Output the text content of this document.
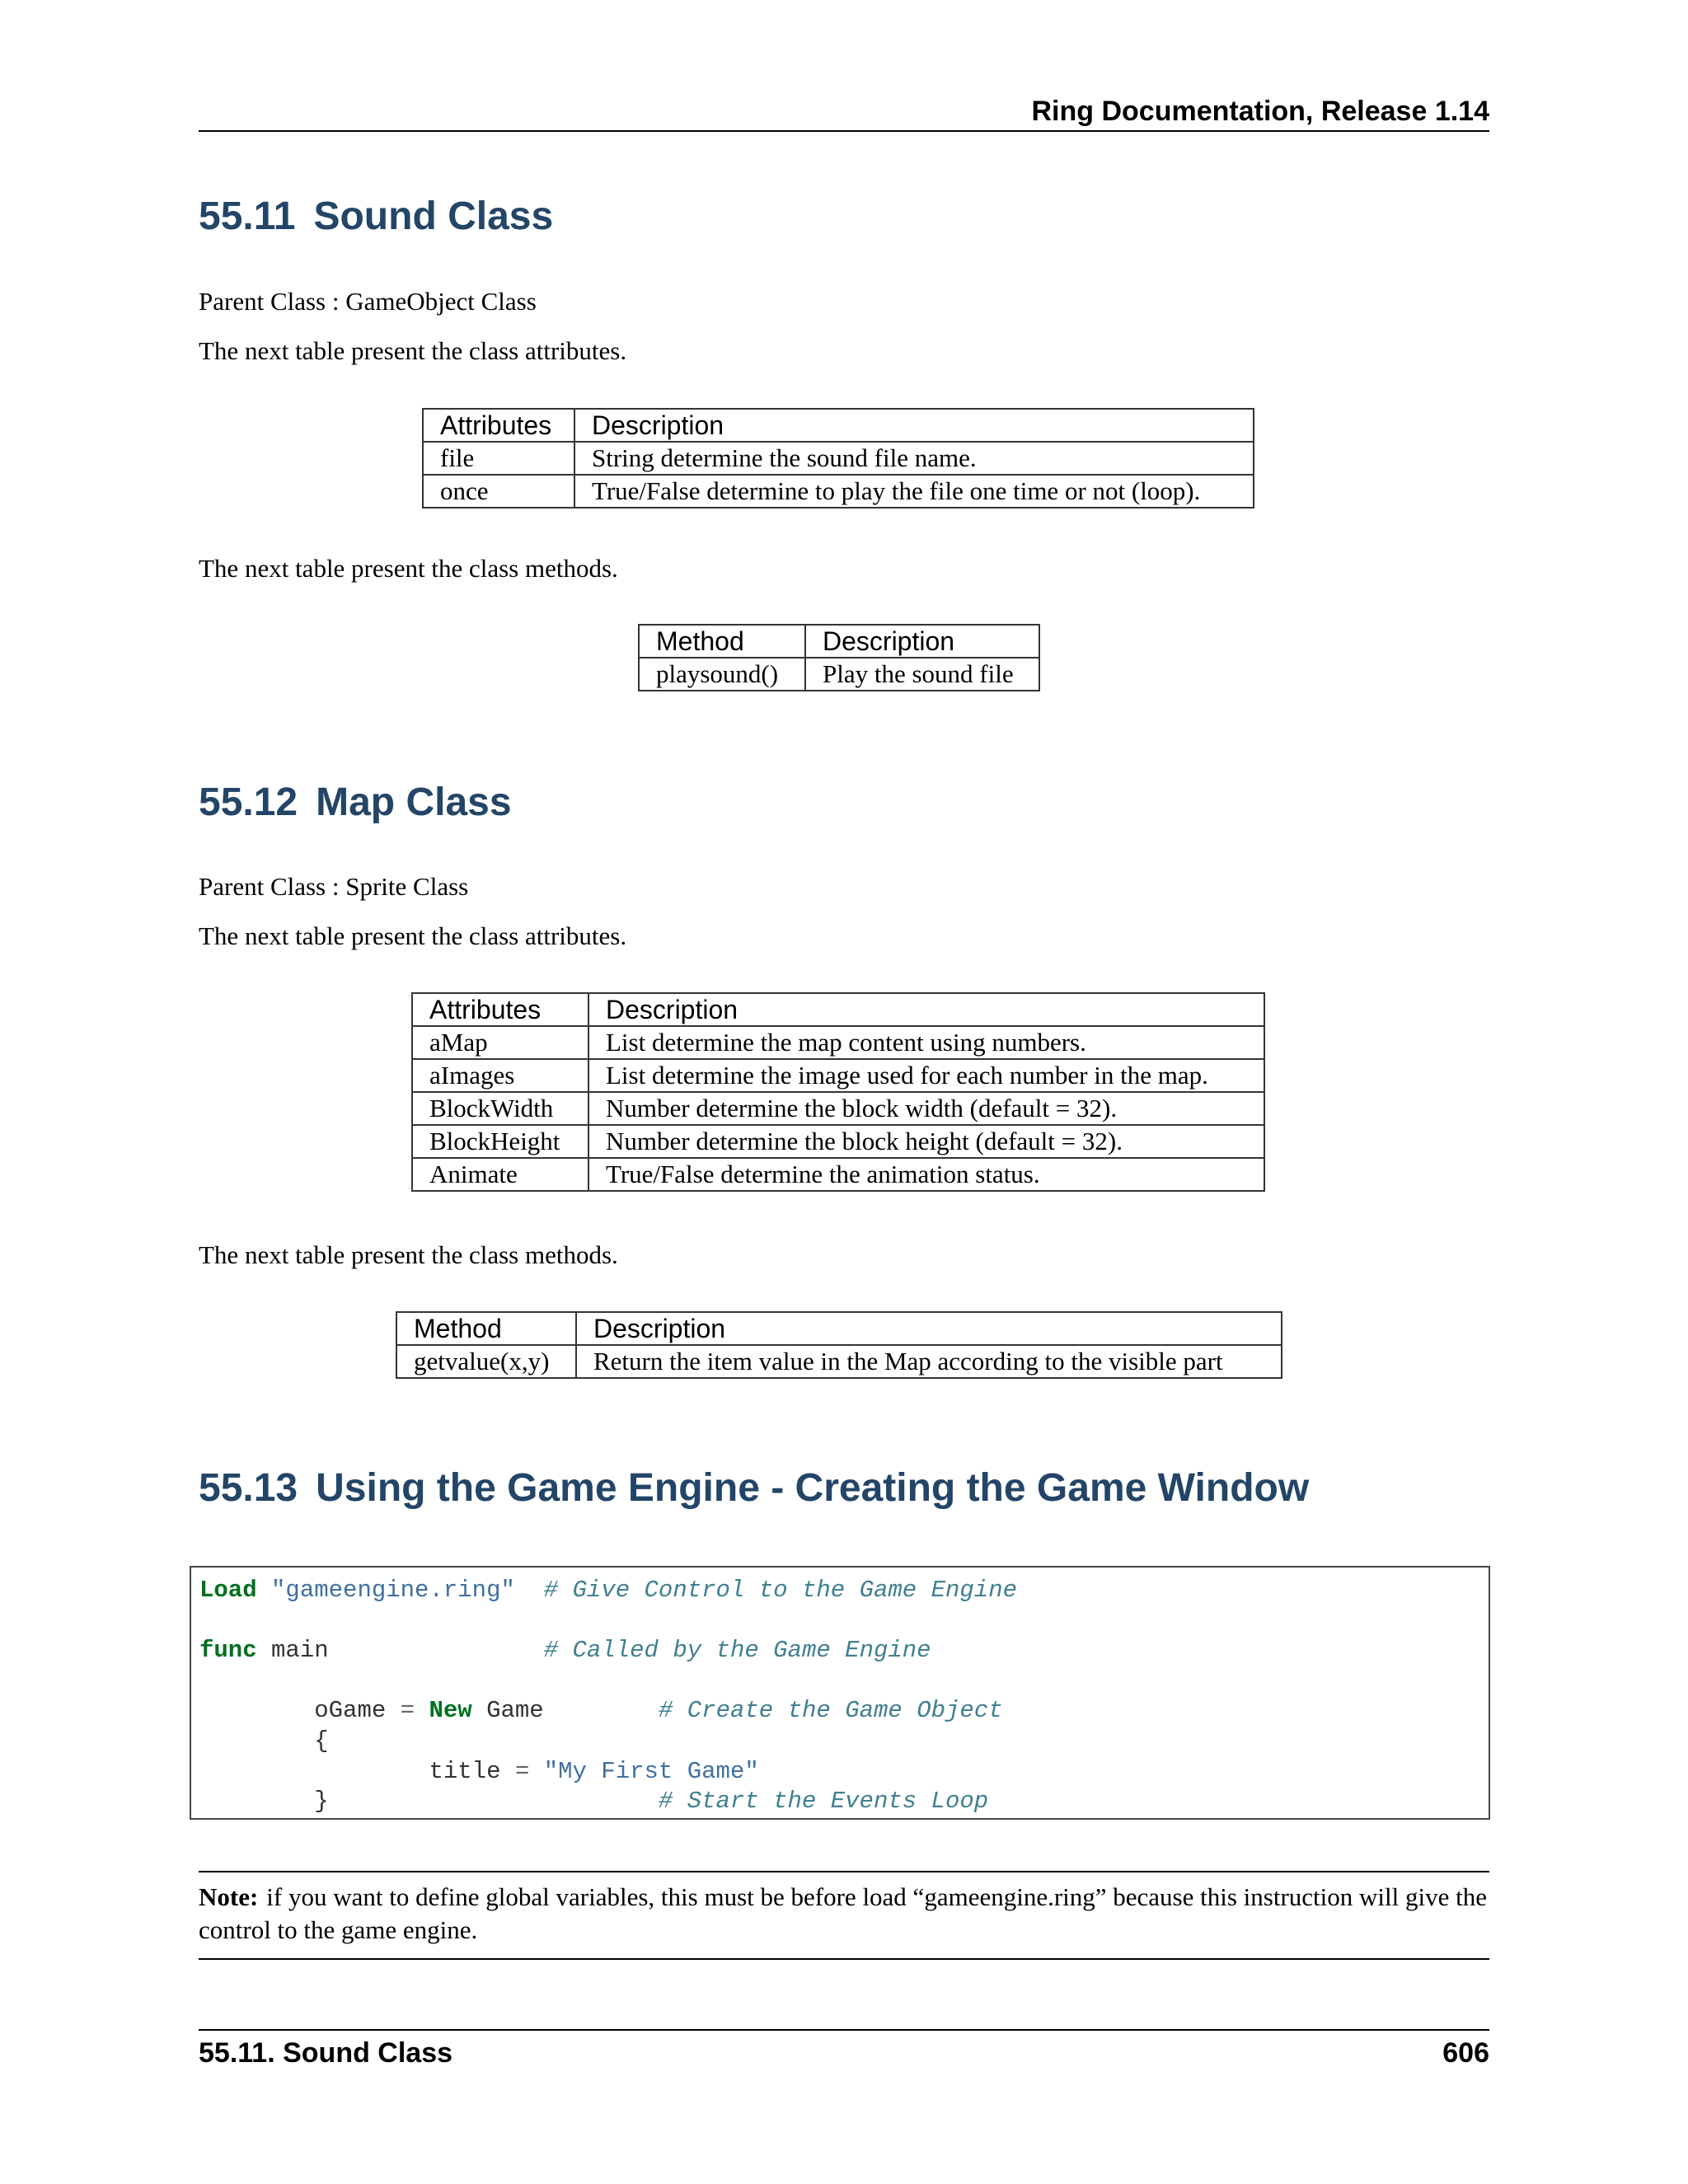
Ring Documentation, Release 1.14
55.11 Sound Class

Parent Class : GameObject Class

The next table present the class attributes.

Attributes	Description
file	String determine the sound file name.
once	True/False determine to play the file one time or not (loop).

The next table present the class methods.

Method	Description
playsound()	Play the sound file
55.12 Map Class

Parent Class : Sprite Class

The next table present the class attributes.

Attributes	Description
aMap	List determine the map content using numbers.
aImages	List determine the image used for each number in the map.
BlockWidth	Number determine the block width (default = 32).
BlockHeight	Number determine the block height (default = 32).
Animate	True/False determine the animation status.

The next table present the class methods.

Method	Description
getvalue(x,y)	Return the item value in the Map according to the visible part
55.13 Using the Game Engine - Creating the Game Window
Load "gameengine.ring" # Give Control to the Game Engine

func main	# Called by the Game Engine

oGame = New Game	# Create the Game Object
{
title = "My First Game"
}	# Start the Events Loop
Note: if you want to define global variables, this must be before load “gameengine.ring” because this instruction will give the control to the game engine.
55.11. Sound Class	606
